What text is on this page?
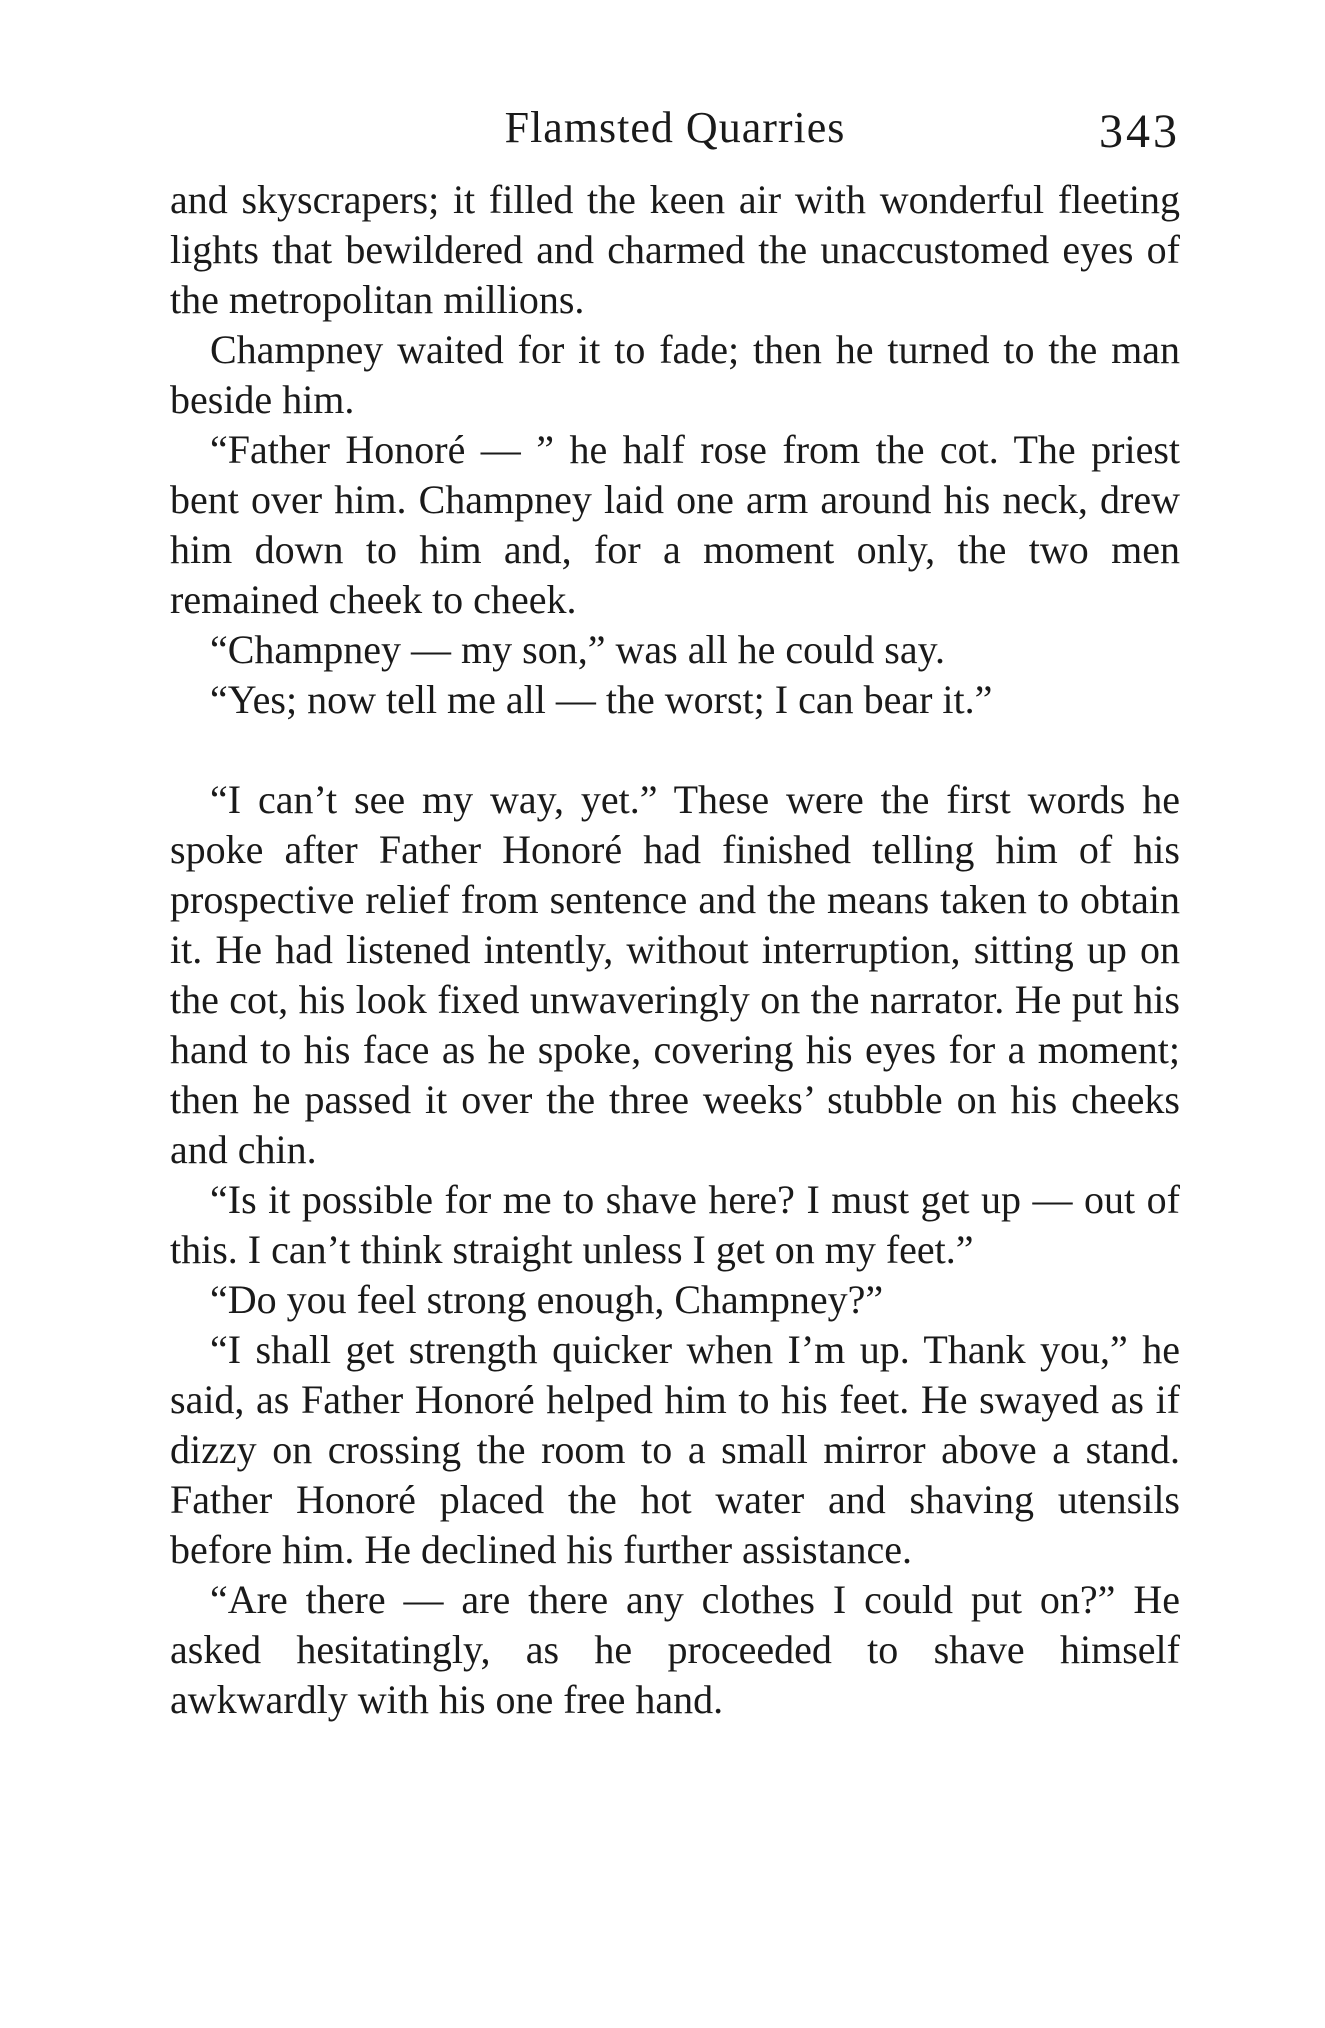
Flamsted Quarries	343

and skyscrapers; it filled the keen air with wonderful fleeting lights that bewildered and charmed the unaccustomed eyes of the metropolitan millions.

Champney waited for it to fade; then he turned to the man beside him.

“Father Honoré — ” he half rose from the cot. The priest bent over him. Champney laid one arm around his neck, drew him down to him and, for a moment only, the two men remained cheek to cheek.

“Champney — my son,” was all he could say.

“Yes; now tell me all — the worst; I can bear it.”

“I can’t see my way, yet.” These were the first words he spoke after Father Honoré had finished telling him of his prospective relief from sentence and the means taken to obtain it. He had listened intently, without interruption, sitting up on the cot, his look fixed unwaveringly on the narrator. He put his hand to his face as he spoke, covering his eyes for a moment; then he passed it over the three weeks’ stubble on his cheeks and chin.

“Is it possible for me to shave here? I must get up — out of this. I can’t think straight unless I get on my feet.”

“Do you feel strong enough, Champney?”

“I shall get strength quicker when I’m up. Thank you,” he said, as Father Honoré helped him to his feet. He swayed as if dizzy on crossing the room to a small mirror above a stand. Father Honoré placed the hot water and shaving utensils before him. He declined his further assistance.

“Are there — are there any clothes I could put on?” He asked hesitatingly, as he proceeded to shave himself awkwardly with his one free hand.
